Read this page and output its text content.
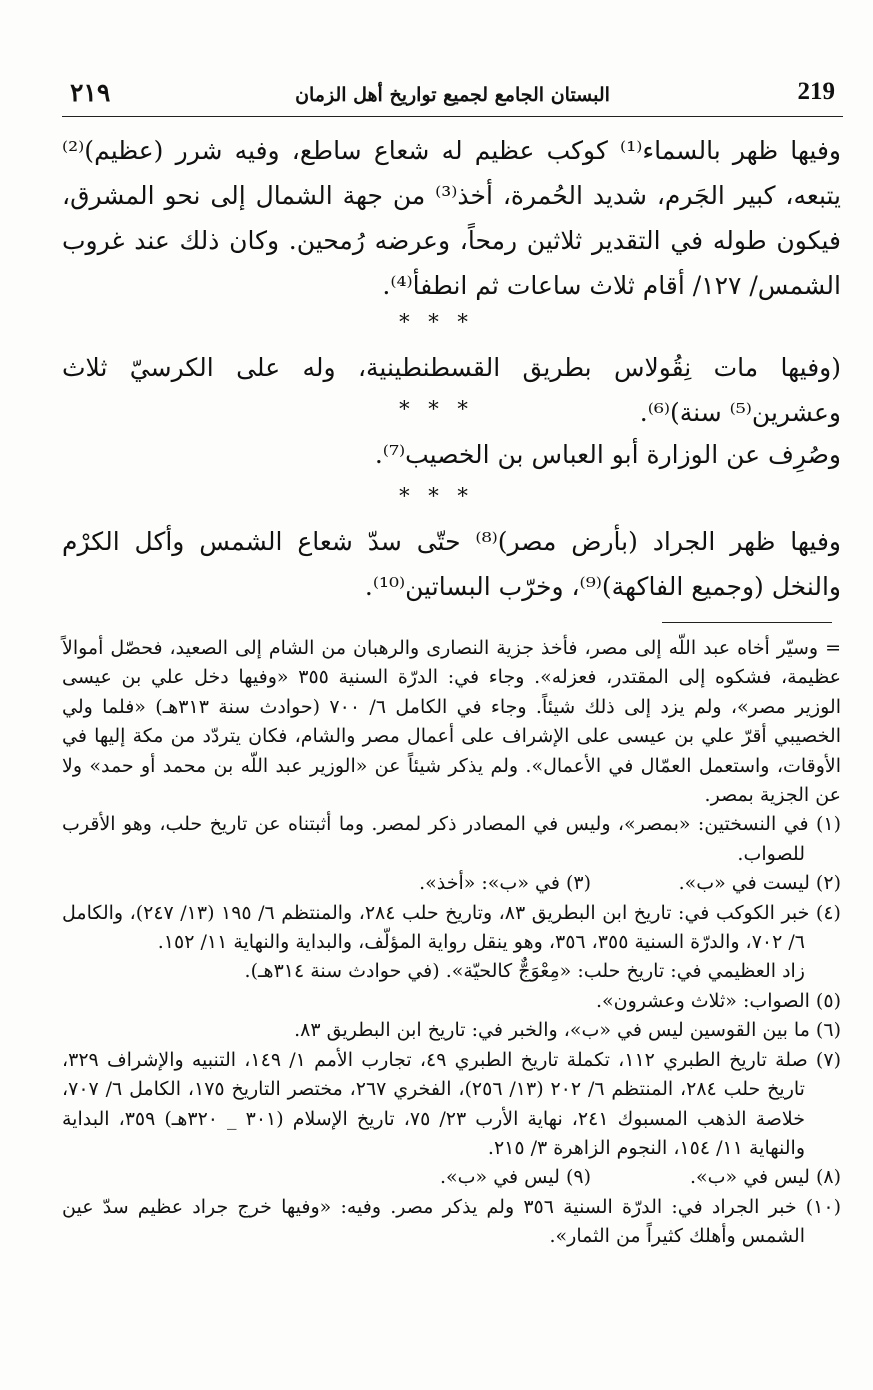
٢١٩	البستان الجامع لجميع تواريخ أهل الزمان	219
وفيها ظهر بالسماء⁽¹⁾ كوكب عظيم له شعاع ساطع، وفيه شرر (عظيم)⁽²⁾ يتبعه، كبير الجَرم، شديد الحُمرة، أخذ⁽³⁾ من جهة الشمال إلى نحو المشرق، فيكون طوله في التقدير ثلاثين رمحاً، وعرضه رُمحين. وكان ذلك عند غروب الشمس/ ١٢٧/ أقام ثلاث ساعات ثم انطفأ⁽⁴⁾.
* * *
(وفيها مات نِقُولاس بطريق القسطنطينية، وله على الكرسيّ ثلاث وعشرين⁽⁵⁾ سنة)⁽⁶⁾.
* * *
وصُرِف عن الوزارة أبو العباس بن الخصيب⁽⁷⁾.
* * *
وفيها ظهر الجراد (بأرض مصر)⁽⁸⁾ حتّى سدّ شعاع الشمس وأكل الكرْم والنخل (وجميع الفاكهة)⁽⁹⁾، وخرّب البساتين⁽¹⁰⁾.

= وسيّر أخاه عبد اللّه إلى مصر، فأخذ جزية النصارى والرهبان من الشام إلى الصعيد، فحصّل أموالاً عظيمة، فشكوه إلى المقتدر، فعزله». وجاء في: الدرّة السنية ٣٥٥ «وفيها دخل علي بن عيسى الوزير مصر»، ولم يزد إلى ذلك شيئاً. وجاء في الكامل ٦/ ٧٠٠ (حوادث سنة ٣١٣هـ) «فلما ولي الخصيبي أقرّ علي بن عيسى على الإشراف على أعمال مصر والشام، فكان يتردّد من مكة إليها في الأوقات، واستعمل العمّال في الأعمال». ولم يذكر شيئاً عن «الوزير عبد اللّه بن محمد أو حمد» ولا عن الجزية بمصر.

(١) في النسختين: «بمصر»، وليس في المصادر ذكر لمصر. وما أثبتناه عن تاريخ حلب، وهو الأقرب للصواب.

(٢) ليست في «ب».
(٣) في «ب»: «أخذ».

(٤) خبر الكوكب في: تاريخ ابن البطريق ٨٣، وتاريخ حلب ٢٨٤، والمنتظم ٦/ ١٩٥ (١٣/ ٢٤٧)، والكامل ٦/ ٧٠٢، والدرّة السنية ٣٥٥، ٣٥٦، وهو ينقل رواية المؤلّف، والبداية والنهاية ١١/ ١٥٢.

زاد العظيمي في: تاريخ حلب: «مِعْوَجٌّ كالحيّة». (في حوادث سنة ٣١٤هـ).

(٥) الصواب: «ثلاث وعشرون».

(٦) ما بين القوسين ليس في «ب»، والخبر في: تاريخ ابن البطريق ٨٣.

(٧) صلة تاريخ الطبري ١١٢، تكملة تاريخ الطبري ٤٩، تجارب الأمم ١/ ١٤٩، التنبيه والإشراف ٣٢٩، تاريخ حلب ٢٨٤، المنتظم ٦/ ٢٠٢ (١٣/ ٢٥٦)، الفخري ٢٦٧، مختصر التاريخ ١٧٥، الكامل ٦/ ٧٠٧، خلاصة الذهب المسبوك ٢٤١، نهاية الأرب ٢٣/ ٧٥، تاريخ الإسلام (٣٠١ _ ٣٢٠هـ) ٣٥٩، البداية والنهاية ١١/ ١٥٤، النجوم الزاهرة ٣/ ٢١٥.

(٨) ليس في «ب».
(٩) ليس في «ب».

(١٠) خبر الجراد في: الدرّة السنية ٣٥٦ ولم يذكر مصر. وفيه: «وفيها خرج جراد عظيم سدّ عين الشمس وأهلك كثيراً من الثمار».
